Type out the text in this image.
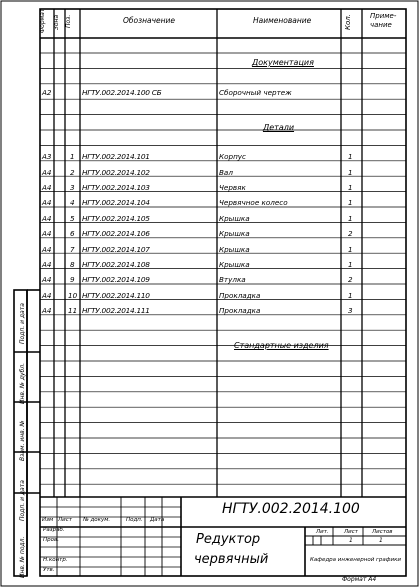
Формат Зона Поз.	Обозначение	Наименование	Кол.	Приме-
чание
Документация
Детали
Стандартные изделия
А2	НГТУ.002.2014.100 СБ	Сборочный чертеж
А3	1 НГТУ.002.2014.101	Корпус	1
А4	2 НГТУ.002.2014.102	Вал	1
А4	3 НГТУ.002.2014.103	Червяк	1
А4	4 НГТУ.002.2014.104	Червячное колесо	1
А4	5 НГТУ.002.2014.105	Крышка	1
А4	6 НГТУ.002.2014.106	Крышка	2
А4	7 НГТУ.002.2014.107	Крышка	1
А4	8 НГТУ.002.2014.108	Крышка	1
А4	9 НГТУ.002.2014.109	Втулка	2
А4 10 НГТУ.002.2014.110	Прокладка	1
А4 11 НГТУ.002.2014.111	Прокладка	3
Подп. и дата
Инв. № дубл.
Взам. инв. №
Подп. и дата
Инв. № подл.
НГТУ.002.2014.100
Изм Лист № докум.	Подп. Дата
Разраб.
Пров.
Н.контр.
Утв.
Редуктор
червячный
Лит.	Лист	Листов
1	1
Кафедра инженерной графики
Формат А4
